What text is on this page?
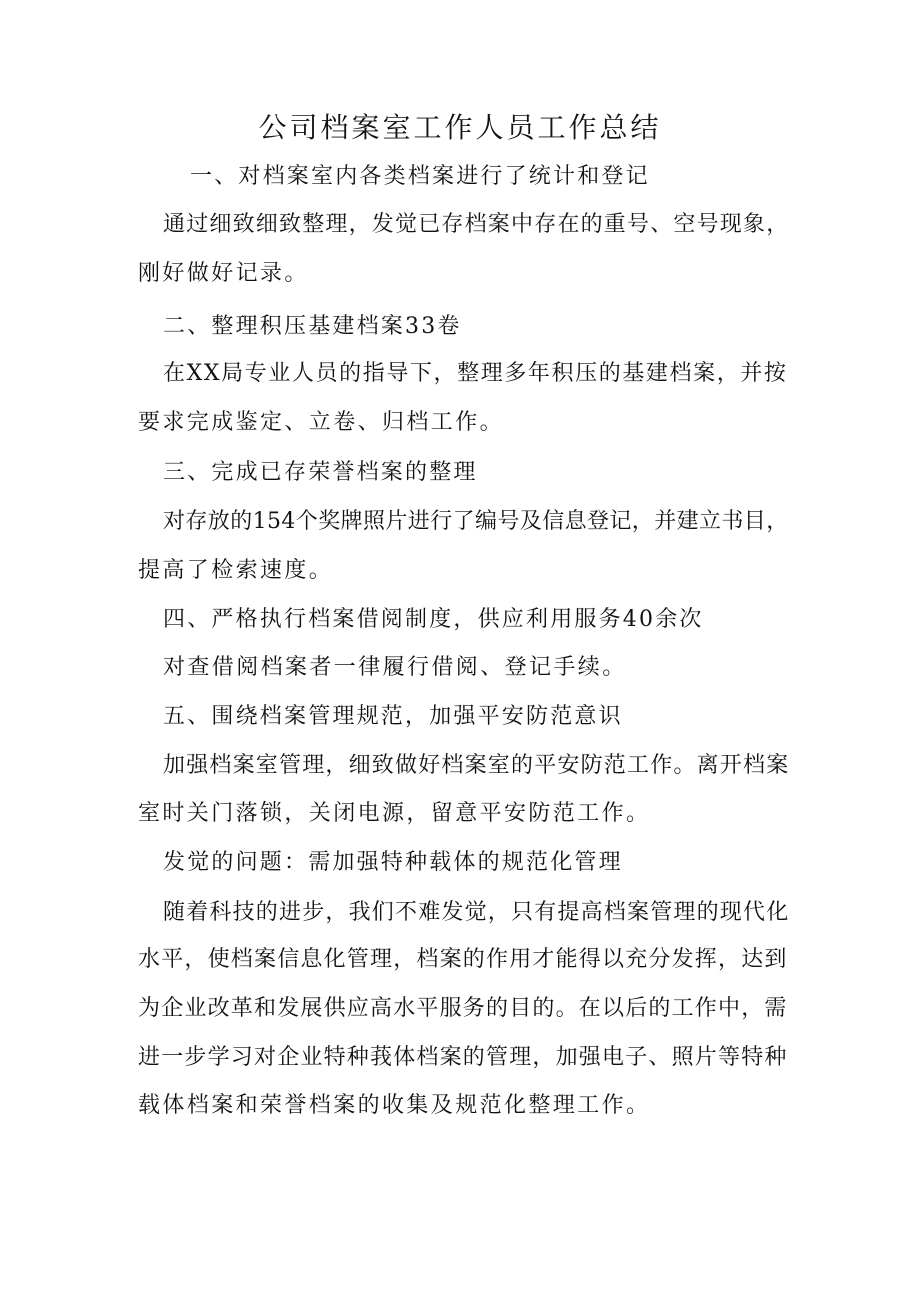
公司档案室工作人员工作总结
一、对档案室内各类档案进行了统计和登记
通过细致细致整理，发觉已存档案中存在的重号、空号现象，
刚好做好记录。
二、整理积压基建档案33卷
在XX局专业人员的指导下，整理多年积压的基建档案，并按
要求完成鉴定、立卷、归档工作。
三、完成已存荣誉档案的整理
对存放的154个奖牌照片进行了编号及信息登记，并建立书目，
提高了检索速度。
四、严格执行档案借阅制度，供应利用服务40余次
对查借阅档案者一律履行借阅、登记手续。
五、围绕档案管理规范，加强平安防范意识
加强档案室管理，细致做好档案室的平安防范工作。离开档案
室时关门落锁，关闭电源，留意平安防范工作。
发觉的问题：需加强特种载体的规范化管理
随着科技的进步，我们不难发觉，只有提高档案管理的现代化
水平，使档案信息化管理，档案的作用才能得以充分发挥，达到
为企业改革和发展供应高水平服务的目的。在以后的工作中，需
进一步学习对企业特种莪体档案的管理，加强电子、照片等特种
载体档案和荣誉档案的收集及规范化整理工作。
